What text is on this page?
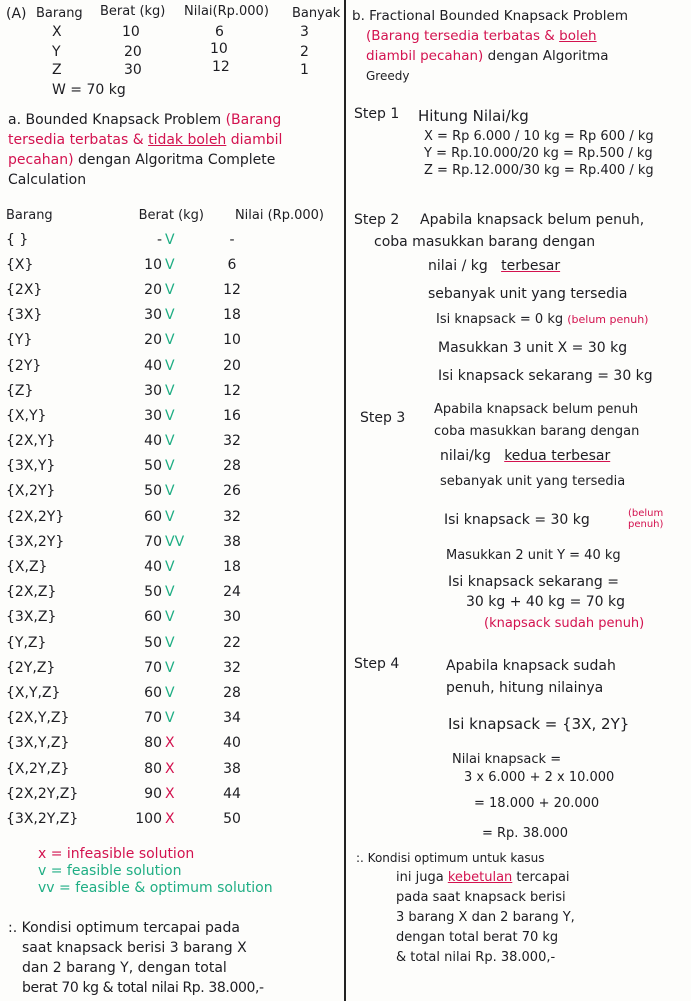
(A) Barang Berat (kg) Nilai(Rp.000) Banyak
X	10	6	3
Y	20	10	2
Z	30	12	1
W = 70 kg
a. Bounded Knapsack Problem (Barang tersedia terbatas & tidak boleh diambil pecahan) dengan Algoritma Complete Calculation
Barang	Berat (kg)	Nilai (Rp.000)
{ }	- V	-
{X}	10 V	6
{2X}	20 V	12
{3X}	30 V	18
{Y}	20 V	10
{2Y}	40 V	20
{Z}	30 V	12
{X,Y}	30 V	16
{2X,Y}	40 V	32
{3X,Y}	50 V	28
{X,2Y}	50 V	26
{2X,2Y}	60 V	32
{3X,2Y}	70 VV	38
{X,Z}	40 V	18
{2X,Z}	50 V	24
{3X,Z}	60 V	30
{Y,Z}	50 V	22
{2Y,Z}	70 V	32
{X,Y,Z}	60 V	28
{2X,Y,Z}	70 V	34
{3X,Y,Z}	80 X	40
{X,2Y,Z}	80 X	38
{2X,2Y,Z}	90 X	44
{3X,2Y,Z}	100 X	50
x = infeasible solution
v = feasible solution
vv = feasible & optimum solution
:. Kondisi optimum tercapai pada
saat knapsack berisi 3 barang X
dan 2 barang Y, dengan total
berat 70 kg & total nilai Rp. 38.000,-
b. Fractional Bounded Knapsack Problem
(Barang tersedia terbatas & boleh
diambil pecahan) dengan Algoritma
Greedy
Step 1 Hitung Nilai/kg
X = Rp 6.000 / 10 kg = Rp 600 / kg
Y = Rp.10.000/20 kg = Rp.500 / kg
Z = Rp.12.000/30 kg = Rp.400 / kg
Step 2 Apabila knapsack belum penuh,
coba masukkan barang dengan
nilai / kg terbesar
sebanyak unit yang tersedia
Isi knapsack = 0 kg (belum penuh)
Masukkan 3 unit X = 30 kg
Isi knapsack sekarang = 30 kg
Step 3
Apabila knapsack belum penuh
coba masukkan barang dengan
nilai/kg kedua terbesar
sebanyak unit yang tersedia
Isi knapsack = 30 kg	(belum penuh)
Masukkan 2 unit Y = 40 kg
Isi knapsack sekarang =
30 kg + 40 kg = 70 kg
(knapsack sudah penuh)
Step 4	Apabila knapsack sudah
penuh, hitung nilainya
Isi knapsack = {3X, 2Y}
Nilai knapsack =
3 x 6.000 + 2 x 10.000
= 18.000 + 20.000
= Rp. 38.000
:. Kondisi optimum untuk kasus
ini juga kebetulan tercapai
pada saat knapsack berisi
3 barang X dan 2 barang Y,
dengan total berat 70 kg
& total nilai Rp. 38.000,-
